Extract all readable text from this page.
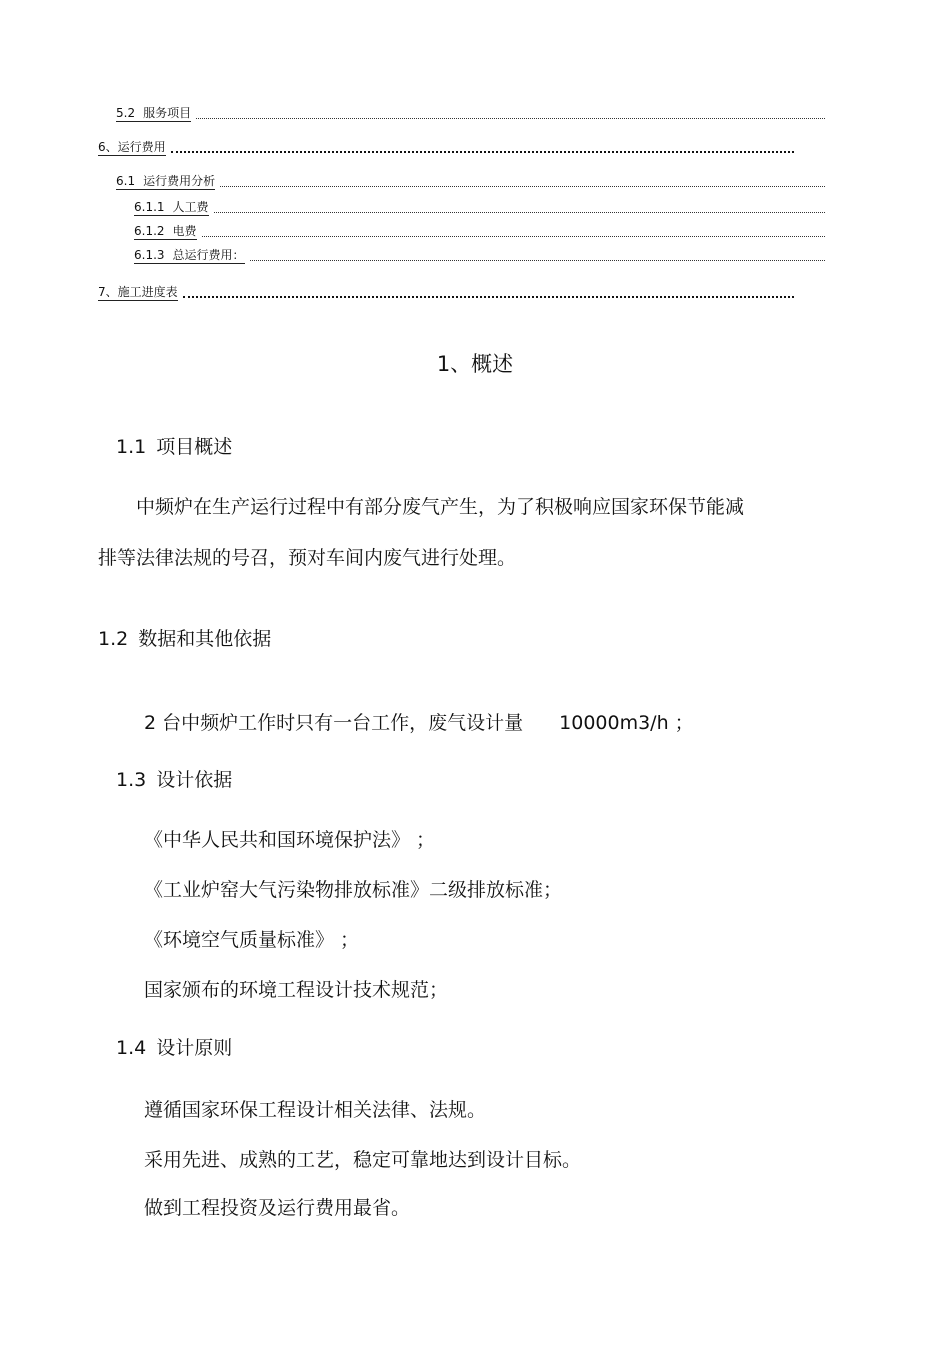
5.2 服务项目
6、运行费用
6.1 运行费用分析
6.1.1 人工费
6.1.2 电费
6.1.3 总运行费用：
7、施工进度表
1、概述
1.1 项目概述
中频炉在生产运行过程中有部分废气产生，为了积极响应国家环保节能减
排等法律法规的号召，预对车间内废气进行处理。
1.2 数据和其他依据
2 台中频炉工作时只有一台工作，废气设计量 10000m3/h ；
1.3 设计依据
《中华人民共和国环境保护法》 ；
《工业炉窑大气污染物排放标准》二级排放标准；
《环境空气质量标准》 ；
国家颁布的环境工程设计技术规范；
1.4 设计原则
遵循国家环保工程设计相关法律、法规。
采用先进、成熟的工艺，稳定可靠地达到设计目标。
做到工程投资及运行费用最省。
